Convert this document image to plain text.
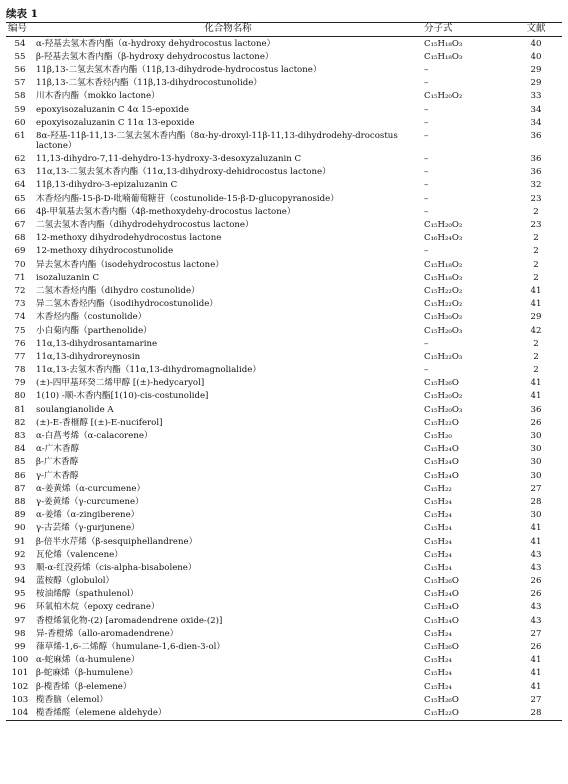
续表 1
编号	化合物名称	分子式	文献
54	α-羟基去氢木香内酯（α-hydroxy dehydrocostus lactone）	C₁₅H₁₈O₃	40
55	β-羟基去氢木香内酯（β-hydroxy dehydrocostus lactone）	C₁₅H₁₈O₃	40
56	11β,13-二氢去氢木香内酯（11β,13-dihydrode-hydrocostus lactone）	–	29
57	11β,13-二氢木香烃内酯（11β,13-dihydrocostunolide）	–	29
58	川木香内酯（mokko lactone）	C₁₅H₂₀O₂	33
59	epoxyisozaluzanin C 4α 15-epoxide	–	34
60	epoxyisozaluzanin C 11α 13-epoxide	–	34
61	8α-羟基-11β-11,13-二氢去氢木香内酯（8α-hy-droxyl-11β-11,13-dihydrodehy-drocostus lactone）	–	36
62	11,13-dihydro-7,11-dehydro-13-hydroxy-3-desoxyzaluzanin C	–	36
63	11α,13-二氢去氢木香内酯（11α,13-dihydroxy-dehidrocostus lactone）	–	36
64	11β,13-dihydro-3-epizaluzanin C	–	32
65	木香烃内酯-15-β-D-吡喃葡萄糖苷（costunolide-15-β-D-glucopyranoside）	–	23
66	4β-甲氧基去氢木香内酯（4β-methoxydehy-drocostus lactone）	–	2
67	二氢去氢木香内酯（dihydrodehydrocostus lactone）	C₁₅H₂₀O₂	23
68	12-methoxy dihydrodehydrocostus lactone	C₁₆H₂₄O₃	2
69	12-methoxy dihydrocostunolide	–	2
70	异去氢木香内酯（isodehydrocostus lactone）	C₁₅H₁₈O₂	2
71	isozaluzanin C	C₁₅H₁₈O₃	2
72	二氢木香烃内酯（dihydro costunolide）	C₁₅H₂₂O₂	41
73	异二氢木香烃内酯（isodihydrocostunolide）	C₁₅H₂₂O₂	41
74	木香烃内酯（costunolide）	C₁₅H₂₀O₂	29
75	小白菊内酯（parthenolide）	C₁₅H₂₀O₃	42
76	11α,13-dihydrosantamarine	–	2
77	11α,13-dihydroreynosin	C₁₅H₂₂O₃	2
78	11α,13-去氢木香内酯（11α,13-dihydromagnolialide）	–	2
79	(±)-四甲基环癸二烯甲醇 [(±)-hedycaryol]	C₁₅H₂₆O	41
80	1(10) -顺-木香内酯[1(10)-cis-costunolide]	C₁₅H₂₀O₂	41
81	soulangianolide A	C₁₅H₂₀O₃	36
82	(±)-E-香榧醇 [(±)-E-nuciferol]	C₁₅H₂₂O	26
83	α-白菖考烯（α-calacorene）	C₁₅H₂₀	30
84	α-广木香醇	C₁₅H₂₄O	30
85	β-广木香醇	C₁₅H₂₄O	30
86	γ-广木香醇	C₁₅H₂₄O	30
87	α-姜黄烯（α-curcumene）	C₁₅H₂₂	27
88	γ-姜黄烯（γ-curcumene）	C₁₅H₂₄	28
89	α-姜烯（α-zingiberene）	C₁₅H₂₄	30
90	γ-古芸烯（γ-gurjunene）	C₁₅H₂₄	41
91	β-倍半水芹烯（β-sesquiphellandrene）	C₁₅H₂₄	41
92	瓦伦烯（valencene）	C₁₅H₂₄	43
93	顺-α-红没药烯（cis-alpha-bisabolene）	C₁₅H₂₄	43
94	蓝桉醇（globulol）	C₁₅H₂₆O	26
95	桉油烯醇（spathulenol）	C₁₅H₂₄O	26
96	环氧柏木烷（epoxy cedrane）	C₁₅H₂₄O	43
97	香橙烯氧化物-(2) [aromadendrene oxide-(2)]	C₁₅H₂₄O	43
98	异-香橙烯（allo-aromadendrene）	C₁₅H₂₄	27
99	葎草烯-1,6-二烯醇（humulane-1,6-dien-3-ol）	C₁₅H₂₆O	26
100	α-蛇麻烯（α-humulene）	C₁₅H₂₄	41
101	β-蛇麻烯（β-humulene）	C₁₅H₂₄	41
102	β-榄香烯（β-elemene）	C₁₅H₂₄	41
103	榄香脑（elemol）	C₁₅H₂₆O	27
104	榄香烯醛（elemene aldehyde）	C₁₅H₂₂O	28
